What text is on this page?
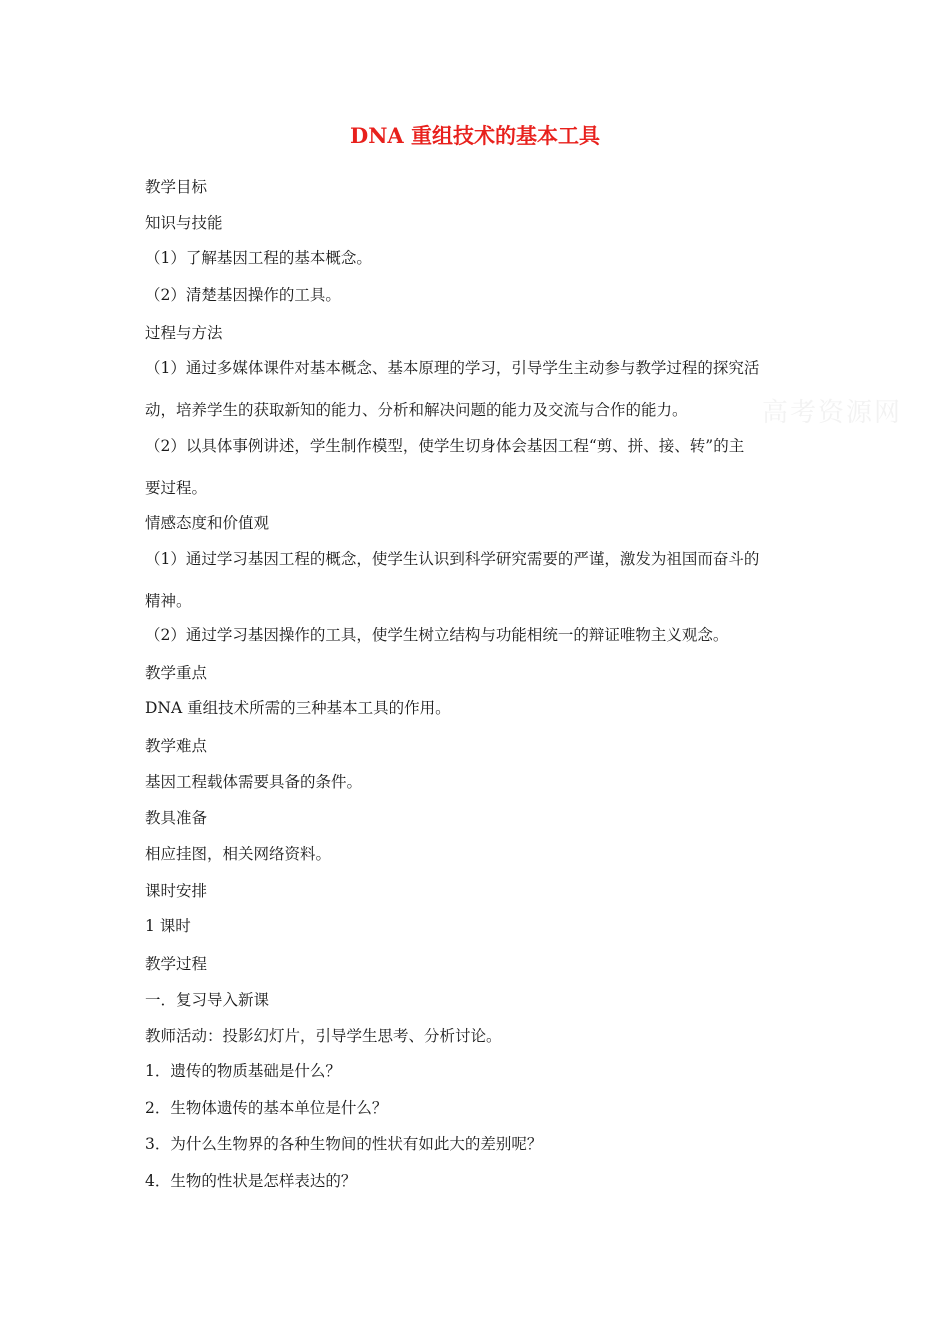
DNA 重组技术的基本工具
教学目标
知识与技能
（1）了解基因工程的基本概念。
（2）清楚基因操作的工具。
过程与方法
（1）通过多媒体课件对基本概念、基本原理的学习，引导学生主动参与教学过程的探究活
动，培养学生的获取新知的能力、分析和解决问题的能力及交流与合作的能力。
（2）以具体事例讲述，学生制作模型，使学生切身体会基因工程“剪、拼、接、转”的主
要过程。
情感态度和价值观
（1）通过学习基因工程的概念，使学生认识到科学研究需要的严谨，激发为祖国而奋斗的
精神。
（2）通过学习基因操作的工具，使学生树立结构与功能相统一的辩证唯物主义观念。
教学重点
DNA 重组技术所需的三种基本工具的作用。
教学难点
基因工程载体需要具备的条件。
教具准备
相应挂图，相关网络资料。
课时安排
1 课时
教学过程
一．复习导入新课
教师活动：投影幻灯片，引导学生思考、分析讨论。
1．遗传的物质基础是什么？
2．生物体遗传的基本单位是什么？
3．为什么生物界的各种生物间的性状有如此大的差别呢？
4．生物的性状是怎样表达的？
高考资源网
